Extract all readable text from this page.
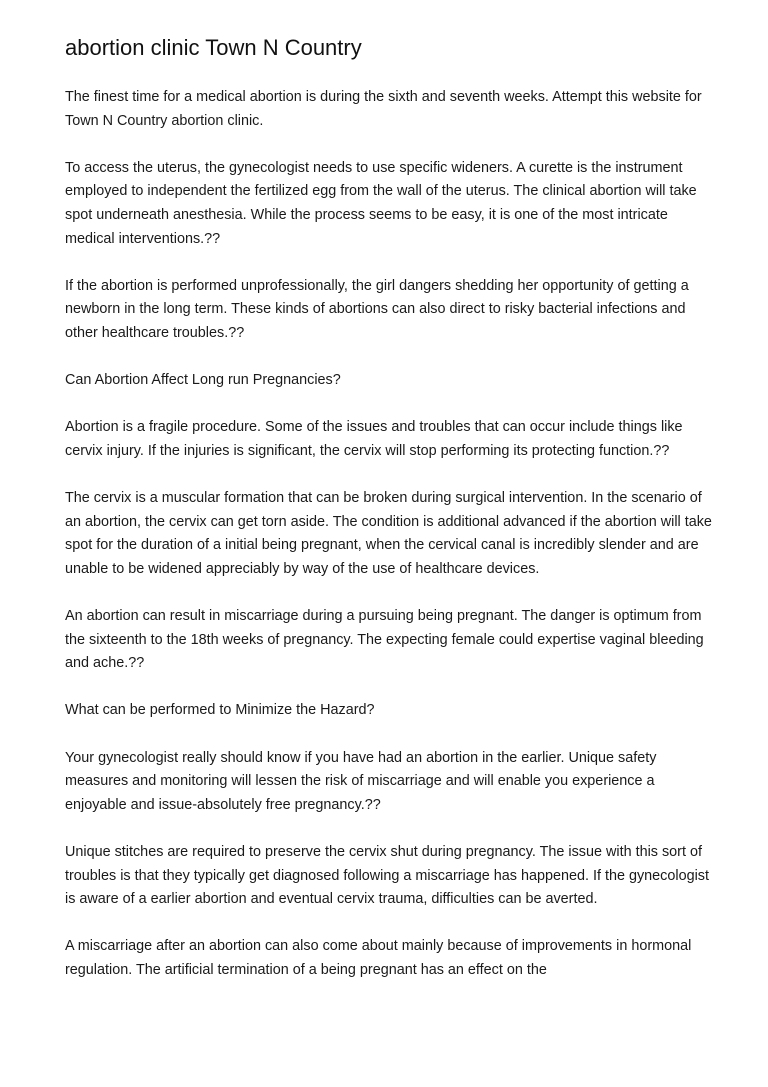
abortion clinic Town N Country

The finest time for a medical abortion is during the sixth and seventh weeks. Attempt this website for Town N Country abortion clinic.

To access the uterus, the gynecologist needs to use specific wideners. A curette is the instrument employed to independent the fertilized egg from the wall of the uterus. The clinical abortion will take spot underneath anesthesia. While the process seems to be easy, it is one of the most intricate medical interventions.??

If the abortion is performed unprofessionally, the girl dangers shedding her opportunity of getting a newborn in the long term. These kinds of abortions can also direct to risky bacterial infections and other healthcare troubles.??

Can Abortion Affect Long run Pregnancies?

Abortion is a fragile procedure. Some of the issues and troubles that can occur include things like cervix injury. If the injuries is significant, the cervix will stop performing its protecting function.??

The cervix is a muscular formation that can be broken during surgical intervention. In the scenario of an abortion, the cervix can get torn aside. The condition is additional advanced if the abortion will take spot for the duration of a initial being pregnant, when the cervical canal is incredibly slender and are unable to be widened appreciably by way of the use of healthcare devices.

An abortion can result in miscarriage during a pursuing being pregnant. The danger is optimum from the sixteenth to the 18th weeks of pregnancy. The expecting female could expertise vaginal bleeding and ache.??

What can be performed to Minimize the Hazard?

Your gynecologist really should know if you have had an abortion in the earlier. Unique safety measures and monitoring will lessen the risk of miscarriage and will enable you experience a enjoyable and issue-absolutely free pregnancy.??

Unique stitches are required to preserve the cervix shut during pregnancy. The issue with this sort of troubles is that they typically get diagnosed following a miscarriage has happened. If the gynecologist is aware of a earlier abortion and eventual cervix trauma, difficulties can be averted.

A miscarriage after an abortion can also come about mainly because of improvements in hormonal regulation. The artificial termination of a being pregnant has an effect on the
